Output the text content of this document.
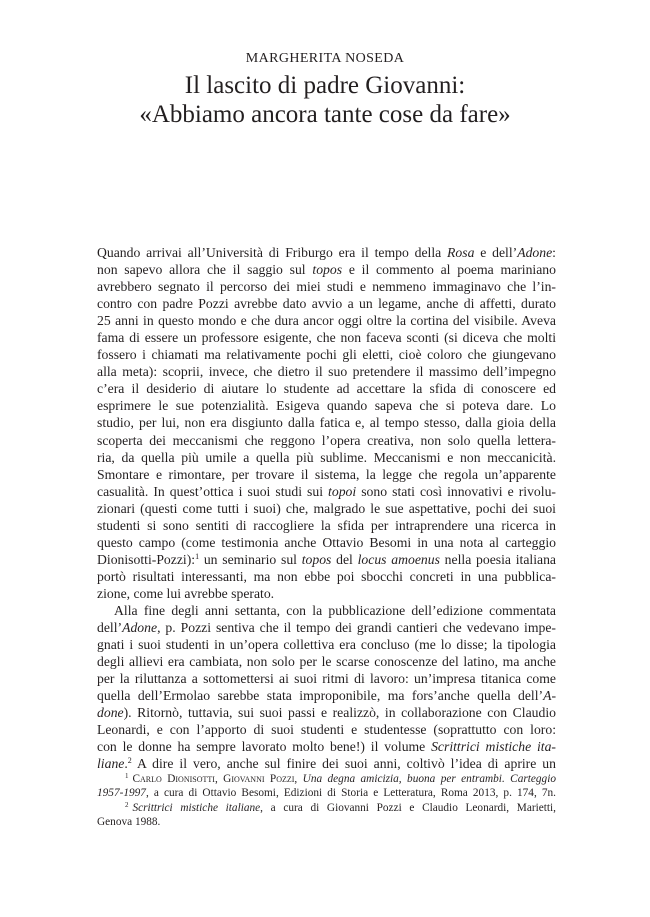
MARGHERITA NOSEDA
Il lascito di padre Giovanni:
«Abbiamo ancora tante cose da fare»
Quando arrivai all’Università di Friburgo era il tempo della Rosa e dell’Adone:
non sapevo allora che il saggio sul topos e il commento al poema mariniano
avrebbero segnato il percorso dei miei studi e nemmeno immaginavo che l’in-
contro con padre Pozzi avrebbe dato avvio a un legame, anche di affetti, durato
25 anni in questo mondo e che dura ancor oggi oltre la cortina del visibile. Aveva
fama di essere un professore esigente, che non faceva sconti (si diceva che molti
fossero i chiamati ma relativamente pochi gli eletti, cioè coloro che giungevano
alla meta): scoprii, invece, che dietro il suo pretendere il massimo dell’impegno
c’era il desiderio di aiutare lo studente ad accettare la sfida di conoscere ed
esprimere le sue potenzialità. Esigeva quando sapeva che si poteva dare. Lo
studio, per lui, non era disgiunto dalla fatica e, al tempo stesso, dalla gioia della
scoperta dei meccanismi che reggono l’opera creativa, non solo quella lettera-
ria, da quella più umile a quella più sublime. Meccanismi e non meccanicità.
Smontare e rimontare, per trovare il sistema, la legge che regola un’apparente
casualità. In quest’ottica i suoi studi sui topoi sono stati così innovativi e rivolu-
zionari (questi come tutti i suoi) che, malgrado le sue aspettative, pochi dei suoi
studenti si sono sentiti di raccogliere la sfida per intraprendere una ricerca in
questo campo (come testimonia anche Ottavio Besomi in una nota al carteggio
Dionisotti-Pozzi):$^1$ un seminario sul topos del locus amoenus nella poesia italiana
portò risultati interessanti, ma non ebbe poi sbocchi concreti in una pubblica-
zione, come lui avrebbe sperato.
Alla fine degli anni settanta, con la pubblicazione dell’edizione commentata
dell’Adone, p. Pozzi sentiva che il tempo dei grandi cantieri che vedevano impe-
gnati i suoi studenti in un’opera collettiva era concluso (me lo disse; la tipologia
degli allievi era cambiata, non solo per le scarse conoscenze del latino, ma anche
per la riluttanza a sottomettersi ai suoi ritmi di lavoro: un’impresa titanica come
quella dell’Ermolao sarebbe stata improponibile, ma fors’anche quella dell’A-
done). Ritornò, tuttavia, sui suoi passi e realizzò, in collaborazione con Claudio
Leonardi, e con l’apporto di suoi studenti e studentesse (soprattutto con loro:
con le donne ha sempre lavorato molto bene!) il volume Scrittrici mistiche ita-
liane.$^2$ A dire il vero, anche sul finire dei suoi anni, coltivò l’idea di aprire un
$^1$ Carlo Dionisotti, Giovanni Pozzi, Una degna amicizia, buona per entrambi. Carteggio
1957-1997, a cura di Ottavio Besomi, Edizioni di Storia e Letteratura, Roma 2013, p. 174, 7n.
$^2$ Scrittrici mistiche italiane, a cura di Giovanni Pozzi e Claudio Leonardi, Marietti,
Genova 1988.
